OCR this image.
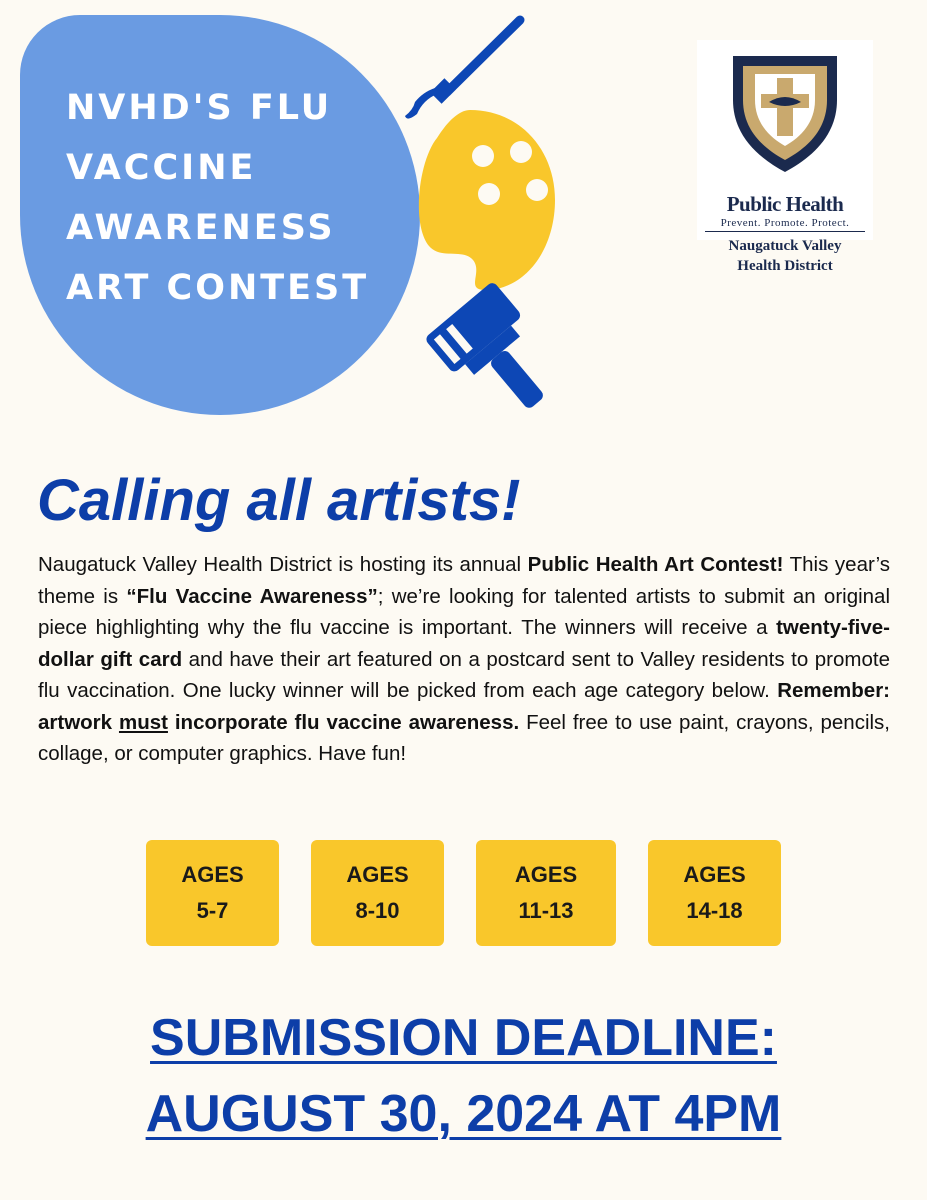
NVHD'S FLU
VACCINE
AWARENESS
ART CONTEST
Public Health
Prevent. Promote. Protect.
Naugatuck Valley
Health District
Calling all artists!

Naugatuck Valley Health District is hosting its annual Public Health Art Contest! This year’s theme is “Flu Vaccine Awareness”; we’re looking for talented artists to submit an original piece highlighting why the flu vaccine is important. The winners will receive a twenty-five-dollar gift card and have their art featured on a postcard sent to Valley residents to promote flu vaccination. One lucky winner will be picked from each age category below. Remember: artwork must incorporate flu vaccine awareness. Feel free to use paint, crayons, pencils, collage, or computer graphics. Have fun!

AGES
5-7
AGES
8-10
AGES
11-13
AGES
14-18
SUBMISSION DEADLINE:
AUGUST 30, 2024 AT 4PM
